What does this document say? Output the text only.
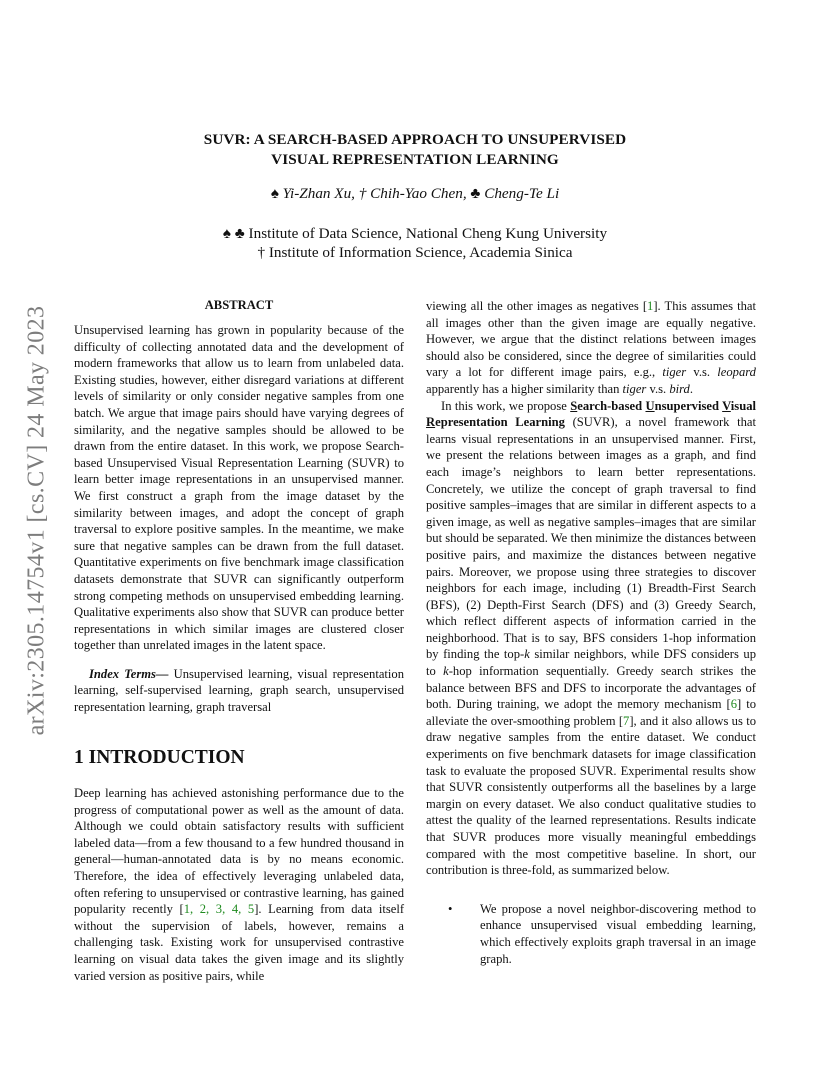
SUVR: A SEARCH-BASED APPROACH TO UNSUPERVISED
VISUAL REPRESENTATION LEARNING
♠ Yi-Zhan Xu, † Chih-Yao Chen, ♣ Cheng-Te Li
♠ ♣ Institute of Data Science, National Cheng Kung University
† Institute of Information Science, Academia Sinica
arXiv:2305.14754v1 [cs.CV] 24 May 2023
ABSTRACT

Unsupervised learning has grown in popularity because of the difficulty of collecting annotated data and the development of modern frameworks that allow us to learn from unlabeled data. Existing studies, however, either disregard variations at different levels of similarity or only consider negative samples from one batch. We argue that image pairs should have varying degrees of similarity, and the negative samples should be allowed to be drawn from the entire dataset. In this work, we propose Search-based Unsupervised Visual Representation Learning (SUVR) to learn better image representations in an unsupervised manner. We first construct a graph from the image dataset by the similarity between images, and adopt the concept of graph traversal to explore positive samples. In the meantime, we make sure that negative samples can be drawn from the full dataset. Quantitative experiments on five benchmark image classification datasets demonstrate that SUVR can significantly outperform strong competing methods on unsupervised embedding learning. Qualitative experiments also show that SUVR can produce better representations in which similar images are clustered closer together than unrelated images in the latent space.

Index Terms— Unsupervised learning, visual representation learning, self-supervised learning, graph search, unsupervised representation learning, graph traversal

1 INTRODUCTION

Deep learning has achieved astonishing performance due to the progress of computational power as well as the amount of data. Although we could obtain satisfactory results with sufficient labeled data—from a few thousand to a few hundred thousand in general—human-annotated data is by no means economic. Therefore, the idea of effectively leveraging unlabeled data, often refering to unsupervised or contrastive learning, has gained popularity recently [1, 2, 3, 4, 5]. Learning from data itself without the supervision of labels, however, remains a challenging task. Existing work for unsupervised contrastive learning on visual data takes the given image and its slightly varied version as positive pairs, while

viewing all the other images as negatives [1]. This assumes that all images other than the given image are equally negative. However, we argue that the distinct relations between images should also be considered, since the degree of similarities could vary a lot for different image pairs, e.g., tiger v.s. leopard apparently has a higher similarity than tiger v.s. bird.

In this work, we propose Search-based Unsupervised Visual Representation Learning (SUVR), a novel framework that learns visual representations in an unsupervised manner. First, we present the relations between images as a graph, and find each image’s neighbors to learn better representations. Concretely, we utilize the concept of graph traversal to find positive samples–images that are similar in different aspects to a given image, as well as negative samples–images that are similar but should be separated. We then minimize the distances between positive pairs, and maximize the distances between negative pairs. Moreover, we propose using three strategies to discover neighbors for each image, including (1) Breadth-First Search (BFS), (2) Depth-First Search (DFS) and (3) Greedy Search, which reflect different aspects of information carried in the neighborhood. That is to say, BFS considers 1-hop information by finding the top-k similar neighbors, while DFS considers up to k-hop information sequentially. Greedy search strikes the balance between BFS and DFS to incorporate the advantages of both. During training, we adopt the memory mechanism [6] to alleviate the over-smoothing problem [7], and it also allows us to draw negative samples from the entire dataset. We conduct experiments on five benchmark datasets for image classification task to evaluate the proposed SUVR. Experimental results show that SUVR consistently outperforms all the baselines by a large margin on every dataset. We also conduct qualitative studies to attest the quality of the learned representations. Results indicate that SUVR produces more visually meaningful embeddings compared with the most competitive baseline. In short, our contribution is three-fold, as summarized below.

•	We propose a novel neighbor-discovering method to enhance unsupervised visual embedding learning, which effectively exploits graph traversal in an image graph.
